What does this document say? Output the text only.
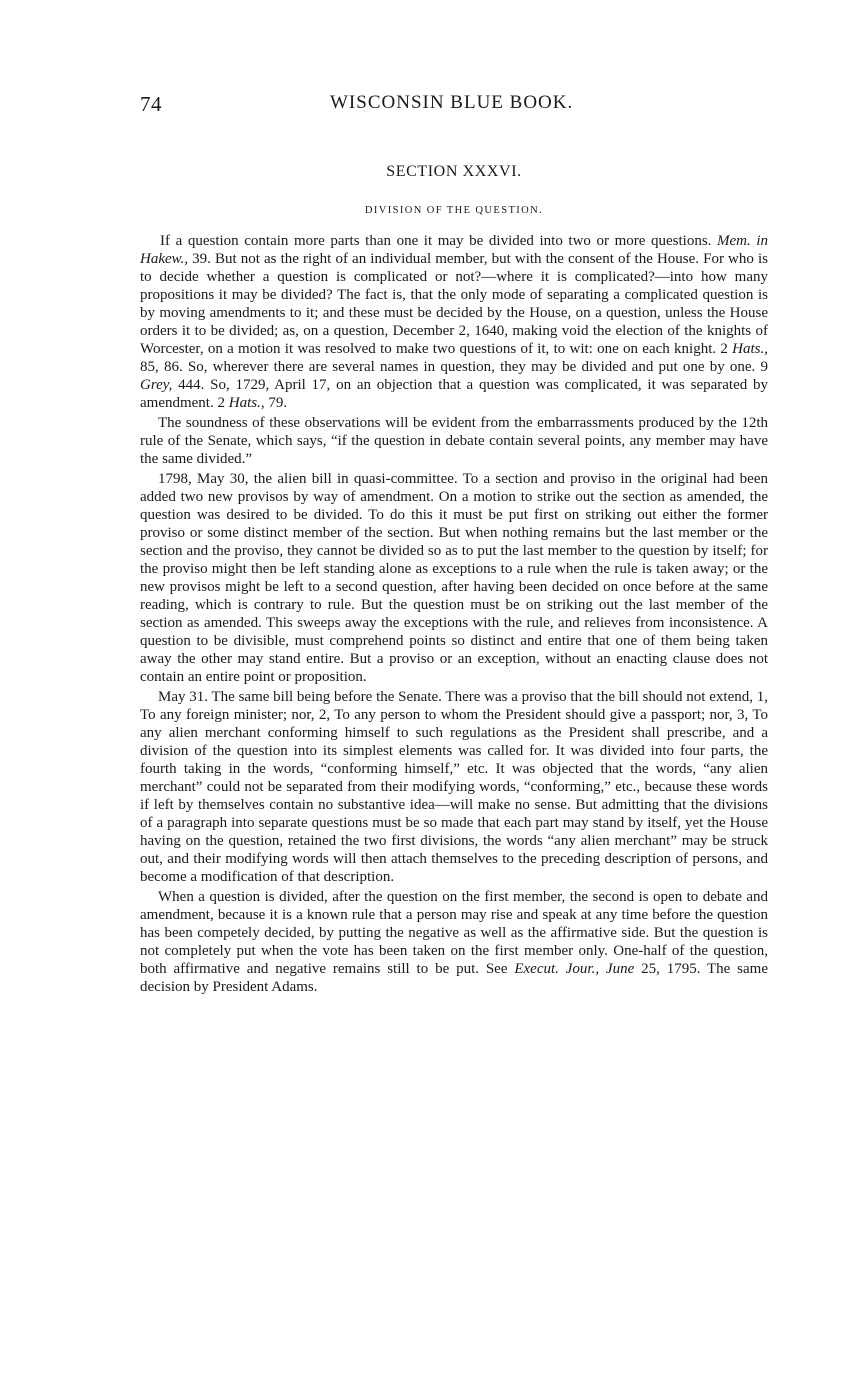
74	WISCONSIN BLUE BOOK.
SECTION XXXVI.
DIVISION OF THE QUESTION.

If a question contain more parts than one it may be divided into two or more questions. Mem. in Hakew., 39. But not as the right of an individual member, but with the consent of the House. For who is to decide whether a question is complicated or not?—where it is complicated?—into how many propositions it may be divided? The fact is, that the only mode of separating a complicated question is by moving amendments to it; and these must be decided by the House, on a question, unless the House orders it to be divided; as, on a question, December 2, 1640, making void the election of the knights of Worcester, on a motion it was resolved to make two questions of it, to wit: one on each knight. 2 Hats., 85, 86. So, wherever there are several names in question, they may be divided and put one by one. 9 Grey, 444. So, 1729, April 17, on an objection that a question was complicated, it was separated by amendment. 2 Hats., 79.

The soundness of these observations will be evident from the embarrassments produced by the 12th rule of the Senate, which says, “if the question in debate contain several points, any member may have the same divided.”

1798, May 30, the alien bill in quasi-committee. To a section and proviso in the original had been added two new provisos by way of amendment. On a motion to strike out the section as amended, the question was desired to be divided. To do this it must be put first on striking out either the former proviso or some distinct member of the section. But when nothing remains but the last member or the section and the proviso, they cannot be divided so as to put the last member to the question by itself; for the proviso might then be left standing alone as exceptions to a rule when the rule is taken away; or the new provisos might be left to a second question, after having been decided on once before at the same reading, which is contrary to rule. But the question must be on striking out the last member of the section as amended. This sweeps away the exceptions with the rule, and relieves from inconsistence. A question to be divisible, must comprehend points so distinct and entire that one of them being taken away the other may stand entire. But a proviso or an exception, without an enacting clause does not contain an entire point or proposition.

May 31. The same bill being before the Senate. There was a proviso that the bill should not extend, 1, To any foreign minister; nor, 2, To any person to whom the President should give a passport; nor, 3, To any alien merchant conforming himself to such regulations as the President shall prescribe, and a division of the question into its simplest elements was called for. It was divided into four parts, the fourth taking in the words, “conforming himself,” etc. It was objected that the words, “any alien merchant” could not be separated from their modifying words, “conforming,” etc., because these words if left by themselves contain no substantive idea—will make no sense. But admitting that the divisions of a paragraph into separate questions must be so made that each part may stand by itself, yet the House having on the question, retained the two first divisions, the words “any alien merchant” may be struck out, and their modifying words will then attach themselves to the preceding description of persons, and become a modification of that description.

When a question is divided, after the question on the first member, the second is open to debate and amendment, because it is a known rule that a person may rise and speak at any time before the question has been competely decided, by putting the negative as well as the affirmative side. But the question is not completely put when the vote has been taken on the first member only. One-half of the question, both affirmative and negative remains still to be put. See Execut. Jour., June 25, 1795. The same decision by President Adams.
